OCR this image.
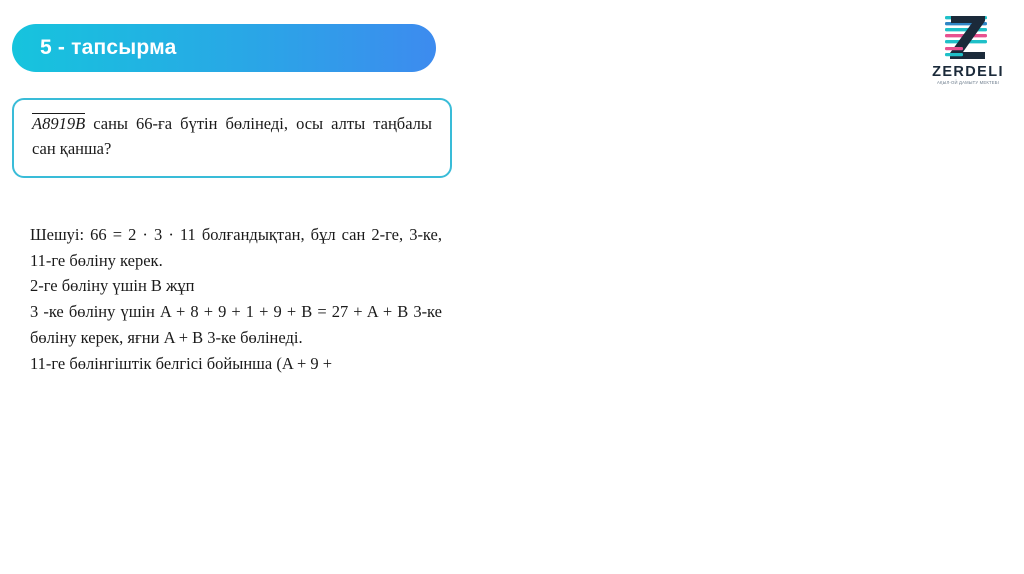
5 - тапсырма
A8919B саны 66-ға бүтін бөлінеді, осы алты таңбалы сан қанша?
Шешуі: 66 = 2 · 3 · 11 болғандықтан, бұл сан 2-ге, 3-ке, 11-ге бөліну керек.
2-ге бөліну үшін B жұп
3 -ке бөліну үшін A + 8 + 9 + 1 + 9 + B = 27 + A + B 3-ке бөліну керек, яғни A + B 3-ке бөлінеді.
11-ге бөлінгіштік белгісі бойынша (A + 9 +
ZERDELI
АҚЫЛ-ОЙ ДАМЫТУ МЕКТЕБІ
